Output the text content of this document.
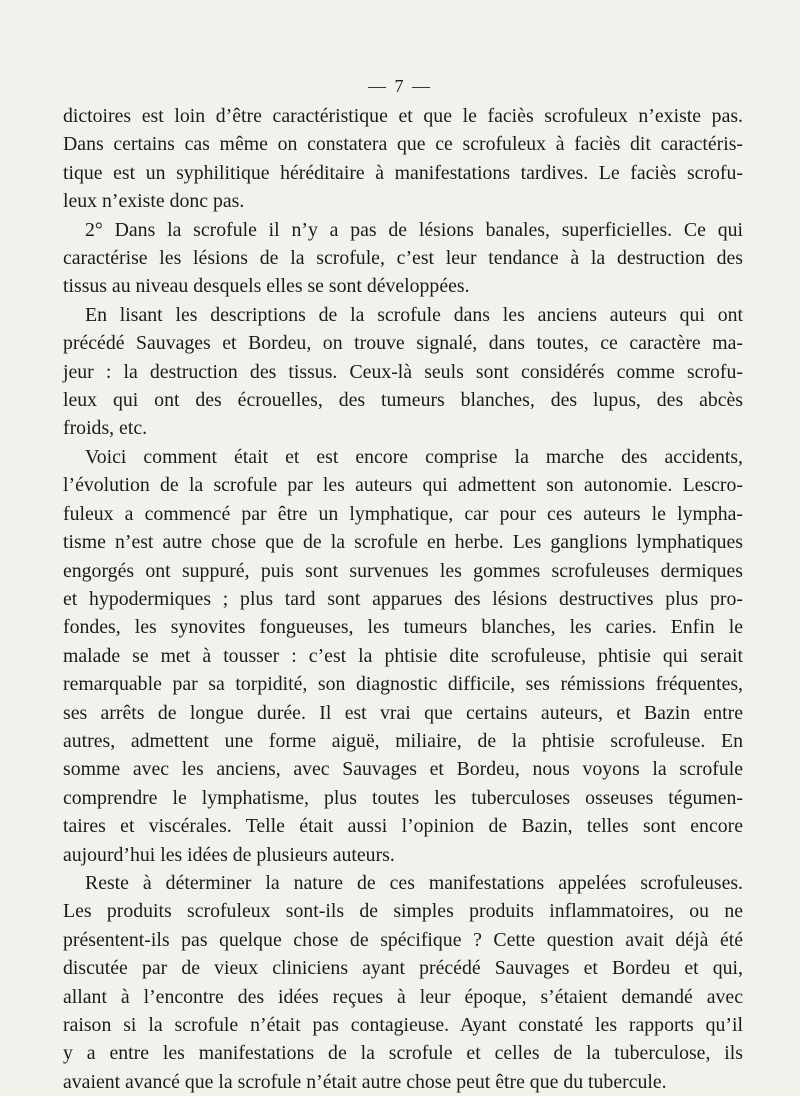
— 7 —
dictoires est loin d’être caractéristique et que le faciès scrofuleux n’existe pas.
Dans certains cas même on constatera que ce scrofuleux à faciès dit caractéris-
tique est un syphilitique héréditaire à manifestations tardives. Le faciès scrofu-
leux n’existe donc pas.
2° Dans la scrofule il n’y a pas de lésions banales, superficielles. Ce qui
caractérise les lésions de la scrofule, c’est leur tendance à la destruction des
tissus au niveau desquels elles se sont développées.
En lisant les descriptions de la scrofule dans les anciens auteurs qui ont
précédé Sauvages et Bordeu, on trouve signalé, dans toutes, ce caractère ma-
jeur : la destruction des tissus. Ceux-là seuls sont considérés comme scrofu-
leux qui ont des écrouelles, des tumeurs blanches, des lupus, des abcès
froids, etc.
Voici comment était et est encore comprise la marche des accidents,
l’évolution de la scrofule par les auteurs qui admettent son autonomie. Lescro-
fuleux a commencé par être un lymphatique, car pour ces auteurs le lympha-
tisme n’est autre chose que de la scrofule en herbe. Les ganglions lymphatiques
engorgés ont suppuré, puis sont survenues les gommes scrofuleuses dermiques
et hypodermiques ; plus tard sont apparues des lésions destructives plus pro-
fondes, les synovites fongueuses, les tumeurs blanches, les caries. Enfin le
malade se met à tousser : c’est la phtisie dite scrofuleuse, phtisie qui serait
remarquable par sa torpidité, son diagnostic difficile, ses rémissions fréquentes,
ses arrêts de longue durée. Il est vrai que certains auteurs, et Bazin entre
autres, admettent une forme aiguë, miliaire, de la phtisie scrofuleuse. En
somme avec les anciens, avec Sauvages et Bordeu, nous voyons la scrofule
comprendre le lymphatisme, plus toutes les tuberculoses osseuses tégumen-
taires et viscérales. Telle était aussi l’opinion de Bazin, telles sont encore
aujourd’hui les idées de plusieurs auteurs.
Reste à déterminer la nature de ces manifestations appelées scrofuleuses.
Les produits scrofuleux sont-ils de simples produits inflammatoires, ou ne
présentent-ils pas quelque chose de spécifique ? Cette question avait déjà été
discutée par de vieux cliniciens ayant précédé Sauvages et Bordeu et qui,
allant à l’encontre des idées reçues à leur époque, s’étaient demandé avec
raison si la scrofule n’était pas contagieuse. Ayant constaté les rapports qu’il
y a entre les manifestations de la scrofule et celles de la tuberculose, ils
avaient avancé que la scrofule n’était autre chose peut être que du tubercule.
